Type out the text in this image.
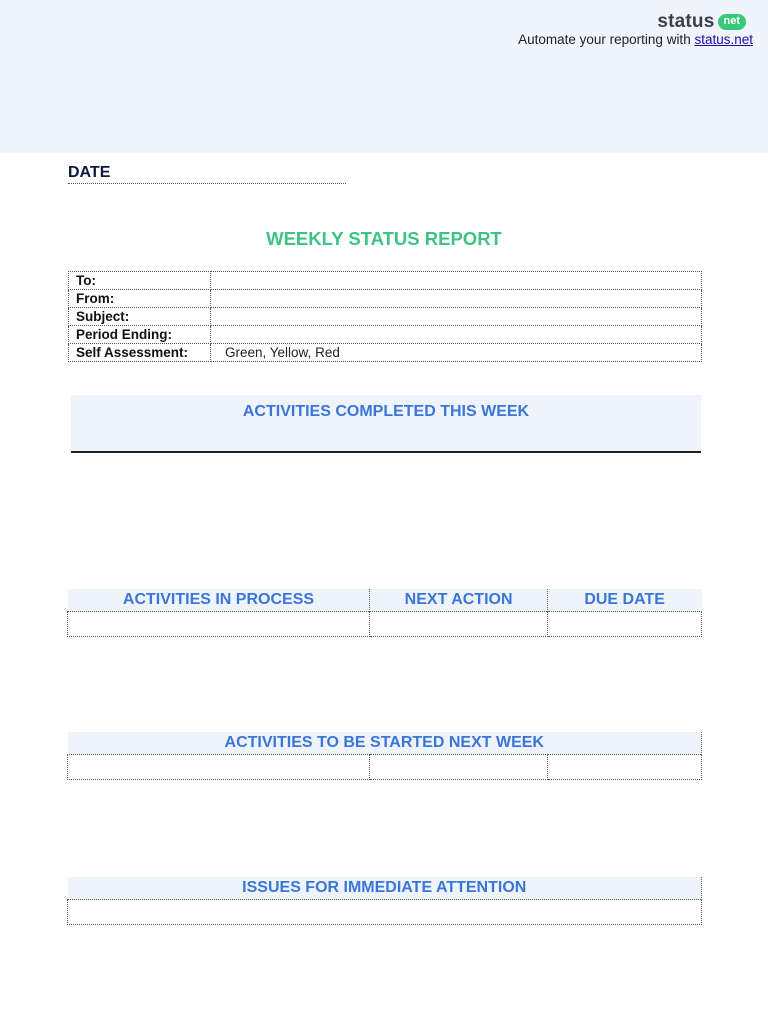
status net
Automate your reporting with status.net
DATE
WEEKLY STATUS REPORT
To:	
From:	
Subject:	
Period Ending:	
Self Assessment:	Green, Yellow, Red
ACTIVITIES COMPLETED THIS WEEK
ACTIVITIES IN PROCESS	NEXT ACTION	DUE DATE

ACTIVITIES TO BE STARTED NEXT WEEK

ISSUES FOR IMMEDIATE ATTENTION
